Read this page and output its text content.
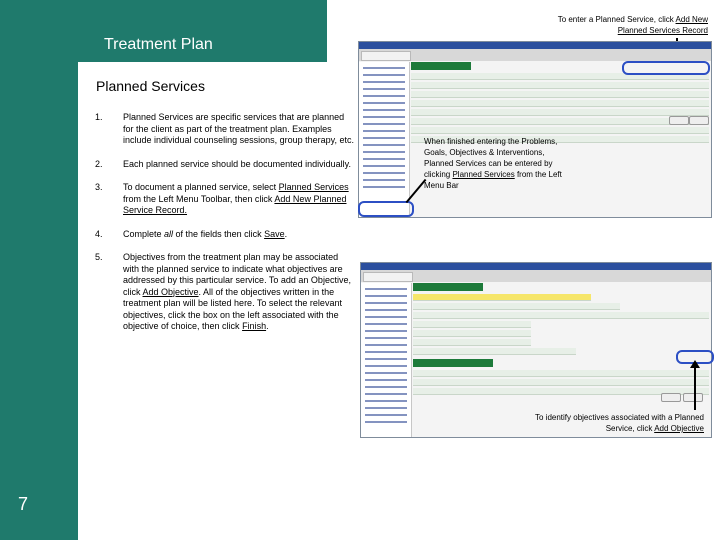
Treatment Plan
7
Planned Services
1.	Planned Services are specific services that are planned for the client as part of the treatment plan. Examples include individual counseling sessions, group therapy, etc.
2.	Each planned service should be documented individually.
3.	To document a planned service, select Planned Services from the Left Menu Toolbar, then click Add New Planned Service Record.
4.	Complete all of the fields then click Save.
5.	Objectives from the treatment plan may be associated with the planned service to indicate what objectives are addressed by this particular service. To add an Objective, click Add Objective. All of the objectives written in the treatment plan will be listed here. To select the relevant objectives, click the box on the left associated with the objective of choice, then click Finish.
To enter a Planned Service, click Add New Planned Services Record
When finished entering the Problems, Goals, Objectives & Interventions, Planned Services can be entered by clicking Planned Services from the Left Menu Bar
To identify objectives associated with a Planned Service, click Add Objective
